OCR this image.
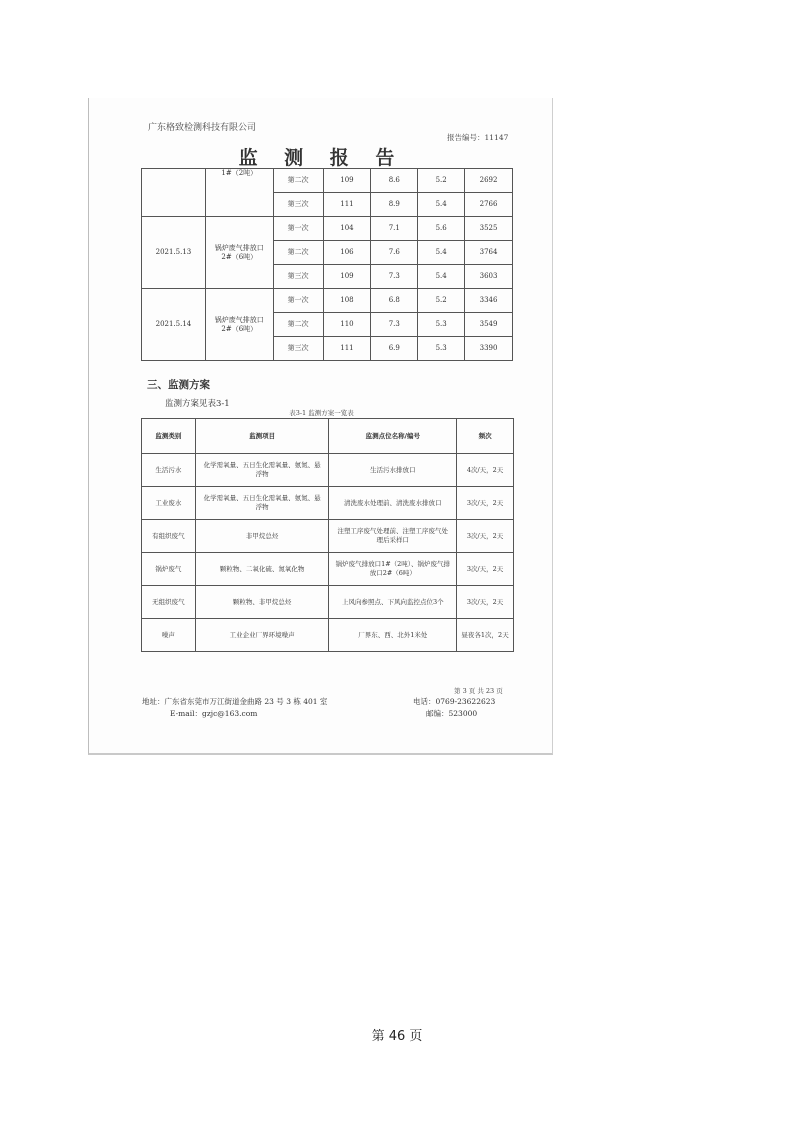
广东格致检测科技有限公司
报告编号：11147
监 测 报 告
	1#（2吨）	第二次	109	8.6	5.2	2692
		第三次	111	8.9	5.4	2766
2021.5.13	锅炉废气排放口2#（6吨）	第一次	104	7.1	5.6	3525
		第二次	106	7.6	5.4	3764
		第三次	109	7.3	5.4	3603
2021.5.14	锅炉废气排放口2#（6吨）	第一次	108	6.8	5.2	3346
		第二次	110	7.3	5.3	3549
		第三次	111	6.9	5.3	3390
三、监测方案
监测方案见表3-1
表3-1 监测方案一览表
监测类别	监测项目	监测点位名称/编号	频次
生活污水	化学需氧量、五日生化需氧量、氨氮、悬浮物	生活污水排放口	4次/天，2天
工业废水	化学需氧量、五日生化需氧量、氨氮、悬浮物	清洗废水处理前、清洗废水排放口	3次/天，2天
有组织废气	非甲烷总烃	注塑工序废气处理前、注塑工序废气处理后采样口	3次/天，2天
锅炉废气	颗粒物、二氧化硫、氮氧化物	锅炉废气排放口1#（2吨）、锅炉废气排放口2#（6吨）	3次/天，2天
无组织废气	颗粒物、非甲烷总烃	上风向参照点、下风向监控点位3个	3次/天，2天
噪声	工业企业厂界环境噪声	厂界东、西、北外1米处	昼夜各1次，2天
第 3 页 共 23 页
地址：广东省东莞市万江街道金曲路 23 号 3 栋 401 室	电话：0769-23622623
E-mail：gzjc@163.com	邮编：523000
第 46 页
